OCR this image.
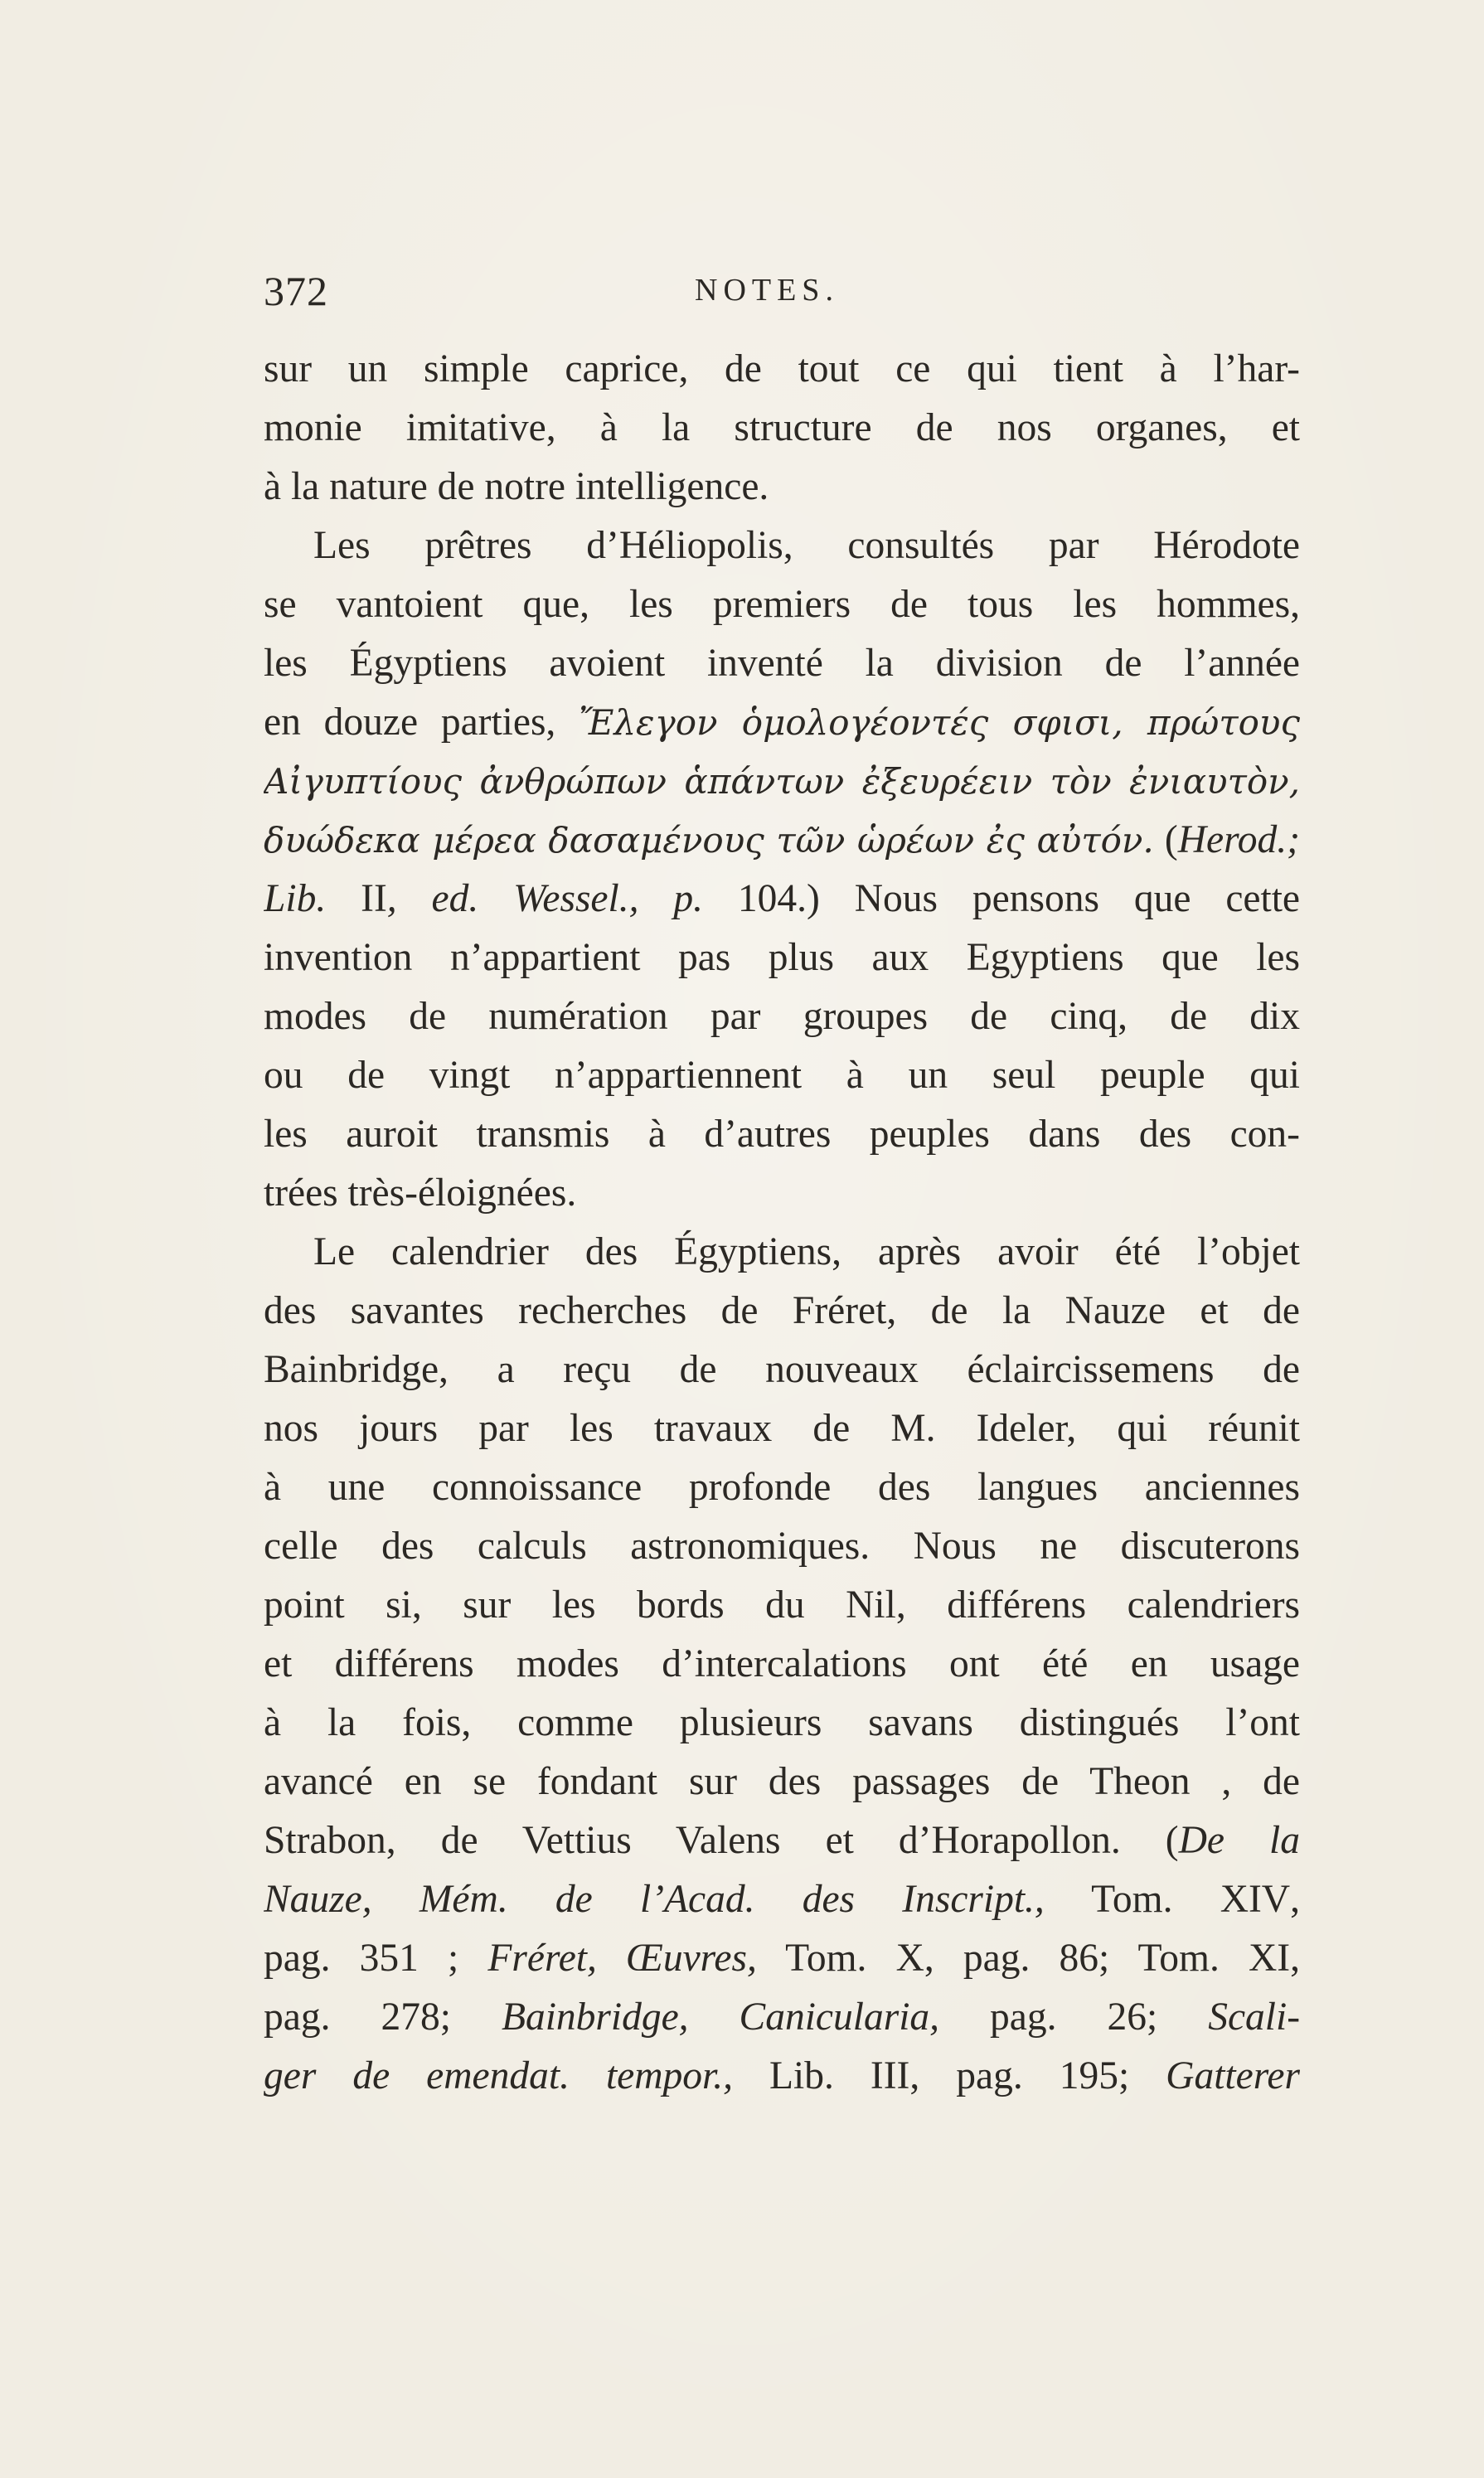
372	NOTES.
sur un simple caprice, de tout ce qui tient à l’har-
monie imitative, à la structure de nos organes, et
à la nature de notre intelligence.
Les prêtres d’Héliopolis, consultés par Hérodote
se vantoient que, les premiers de tous les hommes,
les Égyptiens avoient inventé la division de l’année
en douze parties, Ἔλεγον ὁμολογέοντές σφισι, πρώτους
Αἰγυπτίους ἀνθρώπων ἁπάντων ἐξευρέειν τὸν ἐνιαυτὸν,
δυώδεκα μέρεα δασαμένους τῶν ὡρέων ἐς αὐτόν. (Herod.;
Lib. II, ed. Wessel., p. 104.) Nous pensons que cette
invention n’appartient pas plus aux Egyptiens que les
modes de numération par groupes de cinq, de dix
ou de vingt n’appartiennent à un seul peuple qui
les auroit transmis à d’autres peuples dans des con-
trées très-éloignées.
Le calendrier des Égyptiens, après avoir été l’objet
des savantes recherches de Fréret, de la Nauze et de
Bainbridge, a reçu de nouveaux éclaircissemens de
nos jours par les travaux de M. Ideler, qui réunit
à une connoissance profonde des langues anciennes
celle des calculs astronomiques. Nous ne discuterons
point si, sur les bords du Nil, différens calendriers
et différens modes d’intercalations ont été en usage
à la fois, comme plusieurs savans distingués l’ont
avancé en se fondant sur des passages de Theon , de
Strabon, de Vettius Valens et d’Horapollon. (De la
Nauze, Mém. de l’Acad. des Inscript., Tom. XIV,
pag. 351 ; Fréret, Œuvres, Tom. X, pag. 86; Tom. XI,
pag. 278; Bainbridge, Canicularia, pag. 26; Scali-
ger de emendat. tempor., Lib. III, pag. 195; Gatterer
